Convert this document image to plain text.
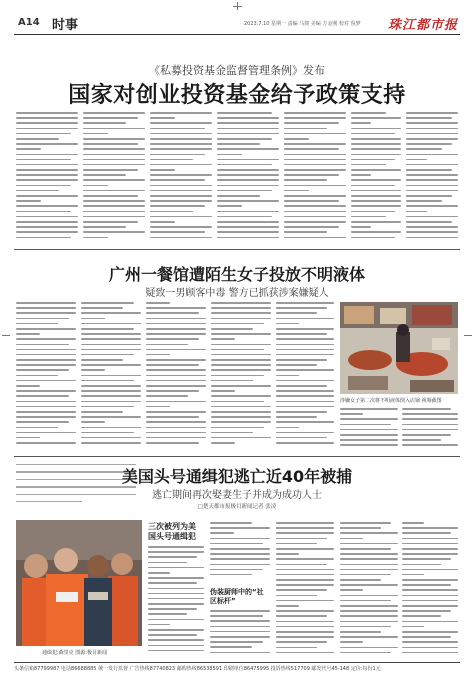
A14 时事	2023.7.10 星期一 责编 马骏 美编 方金刚 校对 倪梦 珠江都市报
《私募投资基金监督管理条例》发布
国家对创业投资基金给予政策支持
广州一餐馆遭陌生女子投放不明液体
疑致一男顾客中毒 警方已抓获涉案嫌疑人
涉嫌女子第二次将不明液体倒入店锅 视频截图
美国头号通缉犯逃亡近40年被捕
逃亡期间再次娶妻生子并成为成功人士
□楚天都市报极目新闻记者 张凌
通缉犯:森里克 图源:极目新闻
三次被列为美
国头号通缉犯
伪装厨师中的“社
区标杆”
头条信箱87799987 电话86688885 统一发行监督 广告热线87740823 邮购热线86538591 印刷单位86475995 投诉热线517709 邮发代号45-148 定价:每份1元
